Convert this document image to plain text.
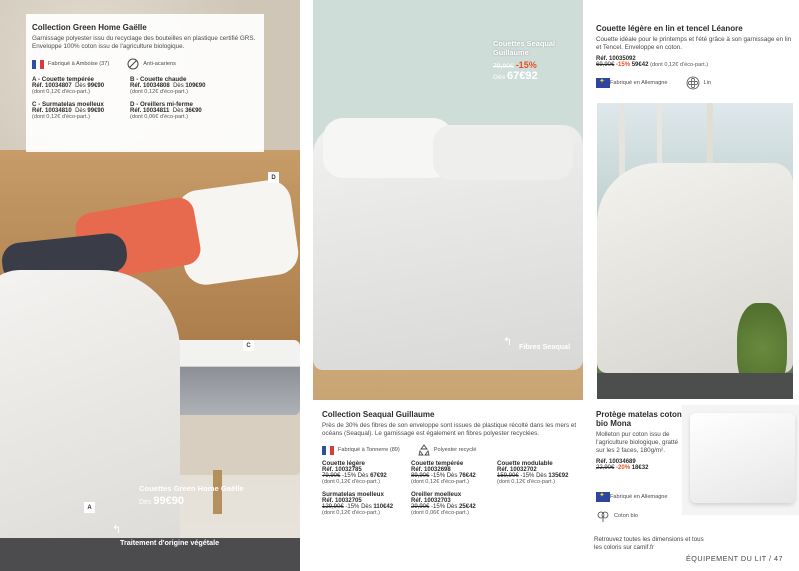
Collection Green Home Gaëlle
Garnissage polyester issu du recyclage des bouteilles en plastique certifié GRS. Enveloppe 100% coton issu de l'agriculture biologique.
Fabriqué à Amboise (37)	Anti-acariens
A - Couette tempérée
Réf. 10034807 Dès 99€90
(dont 0,12€ d'éco-part.)
B - Couette chaude
Réf. 10034808 Dès 109€90
(dont 0,12€ d'éco-part.)
C - Surmatelas moelleux
Réf. 10034810 Dès 99€90
(dont 0,12€ d'éco-part.)
D - Oreillers mi-ferme
Réf. 10034811 Dès 36€90
(dont 0,06€ d'éco-part.)
D
C
A
Couettes Green Home Gaëlle
Dès 99€90
↰
Traitement d'origine végétale
Couettes Seaqual Guillaume
79,90€ -15%
Dès 67€92
↰ Fibres Seaqual
Collection Seaqual Guillaume
Près de 30% des fibres de son enveloppe sont issues de plastique récolté dans les mers et océans (Seaqual). Le garnissage est également en fibres polyester recyclées.
Fabriqué à Tonnerre (89)	Polyester recyclé
Couette légère
Réf. 10032785
79,90€ -15% Dès 67€92
(dont 0,12€ d'éco-part.)
Couette tempérée
Réf. 10032698
89,90€ -15% Dès 76€42
(dont 0,12€ d'éco-part.)
Couette modulable
Réf. 10032702
159,90€ -15% Dès 135€92
(dont 0,12€ d'éco-part.)
Surmatelas moelleux
Réf. 10032705
129,90€ -15% Dès 110€42
(dont 0,12€ d'éco-part.)
Oreiller moelleux
Réf. 10032703
29,90€ -15% Dès 25€42
(dont 0,06€ d'éco-part.)
Couette légère en lin et tencel Léanore
Couette idéale pour le printemps et l'été grâce à son garnissage en lin et Tencel. Enveloppe en coton.
Réf. 10035092
69,90€ -15% 59€42 (dont 0,12€ d'éco-part.)
✦
Fabriqué en Allemagne	Lin
Protège matelas coton bio Mona
Molleton pur coton issu de l'agriculture biologique, gratté sur les 2 faces, 180g/m².
Réf. 10034689
22,90€ -20% 18€32
✦
Fabriqué en Allemagne
Coton bio
Retrouvez toutes les dimensions et tous les coloris sur camif.fr
ÉQUIPEMENT DU LIT / 47
